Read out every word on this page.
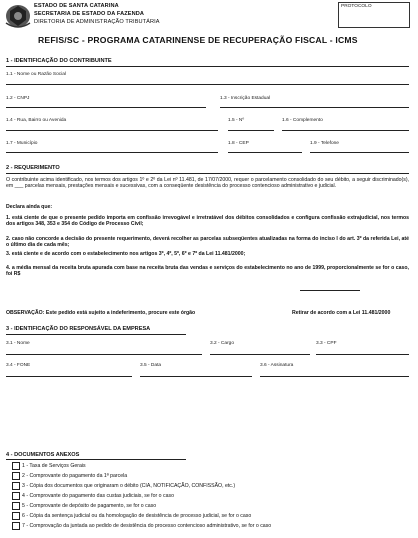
ESTADO DE SANTA CATARINA
SECRETARIA DE ESTADO DA FAZENDA
DIRETORIA DE ADMINISTRAÇÃO TRIBUTÁRIA
PROTOCOLO
REFIS/SC - PROGRAMA CATARINENSE DE RECUPERAÇÃO FISCAL - ICMS
1 - IDENTIFICAÇÃO DO CONTRIBUINTE
1.1 - Nome ou Razão Social
1.2 - CNPJ	1.3 - Inscrição Estadual
1.4 - Rua, Bairro ou Avenida	1.5 - Nº	1.6 - Complemento
1.7 - Município	1.8 - CEP	1.9 - Telefone
2 - REQUERIMENTO
O contribuinte acima identificado, nos termos dos artigos 1º e 2º da Lei nº 11.481, de 17/07/2000, requer o parcelamento consolidado do seu débito, a seguir discriminado(s), em ___ parcelas mensais, prestações mensais e sucessivas, com a conseqüente desistência do processo contencioso administrativo e judicial.
Declara ainda que:
1. está ciente de que o presente pedido importa em confissão irrevogável e irretratável dos débitos consolidados e configura confissão extrajudicial, nos termos dos artigos 348, 353 e 354 do Código de Processo Civil;
2. caso não concorde a decisão do presente requerimento, deverá recolher as parcelas subseqüentes atualizadas na forma do inciso I do art. 3º da referida Lei, até o último dia de cada mês;
3. está ciente e de acordo com o estabelecimento nos artigos 3º, 4º, 5º, 6º e 7º da Lei 11.481/2000;
4. a média mensal da receita bruta apurada com base na receita bruta das vendas e serviços do estabelecimento no ano de 1999, proporcionalmente se for o caso, foi R$
OBSERVAÇÃO: Este pedido está sujeito a indeferimento, procure este órgão	Retirar de acordo com a Lei 11.481/2000
3 - IDENTIFICAÇÃO DO RESPONSÁVEL DA EMPRESA
3.1 - Nome	3.2 - Cargo	3.3 - CPF
3.4 - FONE	3.5 - Data	3.6 - Assinatura
4 - DOCUMENTOS ANEXOS
1 - Taxa de Serviços Gerais
2 - Comprovante do pagamento da 1ª parcela
3 - Cópia dos documentos que originaram o débito (CIA, NOTIFICAÇÃO, CONFISSÃO, etc.)
4 - Comprovante do pagamento das custas judiciais, se for o caso
5 - Comprovante de depósito de pagamento, se for o caso
6 - Cópia da sentença judicial ou da homologação de desistência de processo judicial, se for o caso
7 - Comprovação da juntada ao pedido de desistência do processo contencioso administrativo, se for o caso
